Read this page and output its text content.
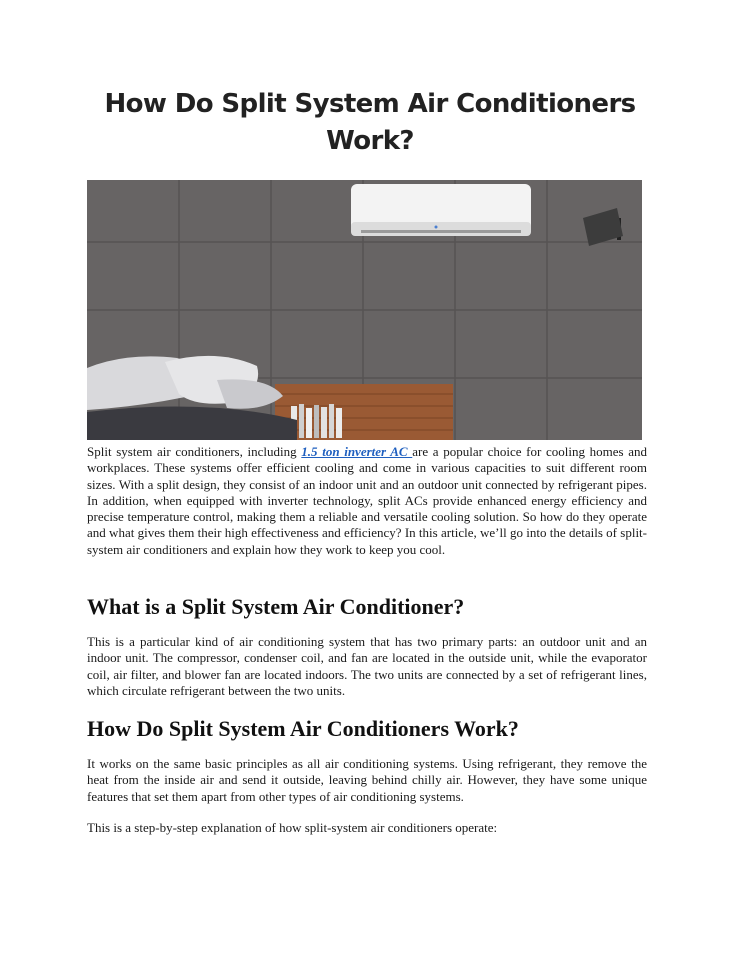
How Do Split System Air Conditioners Work?

Split system air conditioners, including 1.5 ton inverter AC are a popular choice for cooling homes and workplaces. These systems offer efficient cooling and come in various capacities to suit different room sizes. With a split design, they consist of an indoor unit and an outdoor unit connected by refrigerant pipes. In addition, when equipped with inverter technology, split ACs provide enhanced energy efficiency and precise temperature control, making them a reliable and versatile cooling solution. So how do they operate and what gives them their high effectiveness and efficiency? In this article, we’ll go into the details of split-system air conditioners and explain how they work to keep you cool.

What is a Split System Air Conditioner?

This is a particular kind of air conditioning system that has two primary parts: an outdoor unit and an indoor unit. The compressor, condenser coil, and fan are located in the outside unit, while the evaporator coil, air filter, and blower fan are located indoors. The two units are connected by a set of refrigerant lines, which circulate refrigerant between the two units.

How Do Split System Air Conditioners Work?

It works on the same basic principles as all air conditioning systems. Using refrigerant, they remove the heat from the inside air and send it outside, leaving behind chilly air. However, they have some unique features that set them apart from other types of air conditioning systems.

This is a step-by-step explanation of how split-system air conditioners operate:
